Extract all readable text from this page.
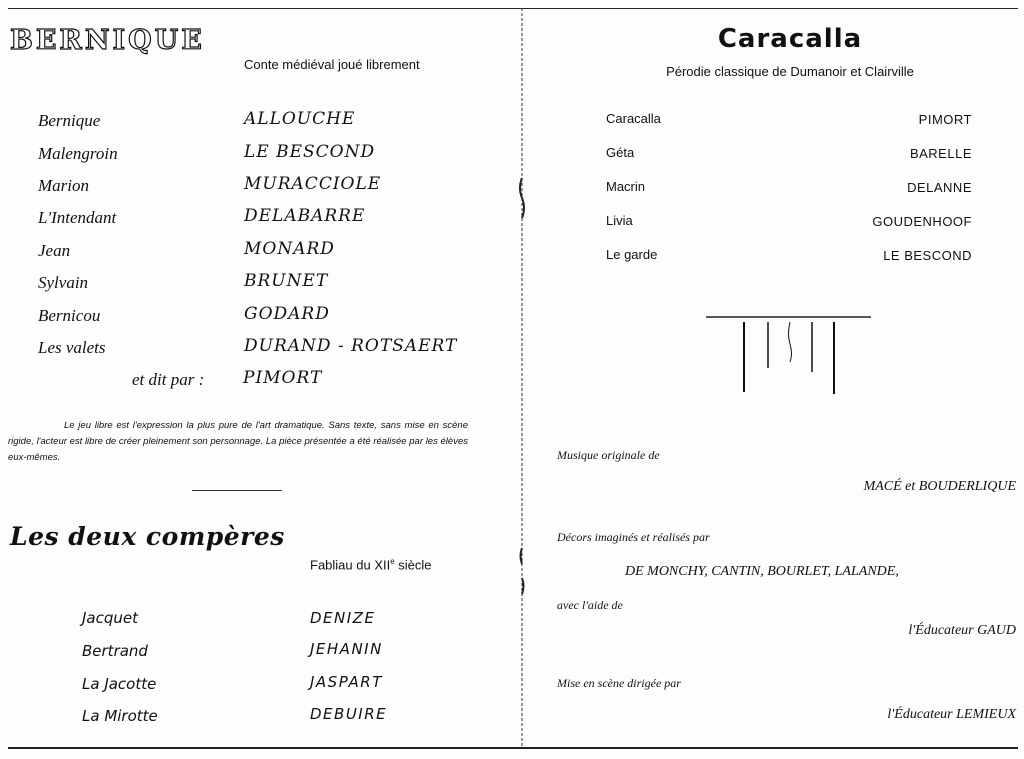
BERNIQUE
Conte médiéval joué librement
Bernique	ALLOUCHE
Malengroin	LE BESCOND
Marion	MURACCIOLE
L'Intendant	DELABARRE
Jean	MONARD
Sylvain	BRUNET
Bernicou	GODARD
Les valets	DURAND - ROTSAERT
et dit par : PIMORT
Le jeu libre est l'expression la plus pure de l'art dramatique. Sans texte, sans mise en scène rigide, l'acteur est libre de créer pleinement son personnage. La pièce présentée a été réalisée par les élèves eux-mêmes.
Les deux compères
Fabliau du XIIe siècle
Jacquet	DENIZE
Bertrand	JEHANIN
La Jacotte	JASPART
La Mirotte	DEBUIRE
Caracalla
Pérodie classique de Dumanoir et Clairville
Caracalla	PIMORT
Géta	BARELLE
Macrin	DELANNE
Livia	GOUDENHOOF
Le garde	LE BESCOND
Musique originale de
MACÉ et BOUDERLIQUE
Décors imaginés et réalisés par
DE MONCHY, CANTIN, BOURLET, LALANDE,
avec l'aide de
l'Éducateur GAUD
Mise en scène dirigée par
l'Éducateur LEMIEUX
